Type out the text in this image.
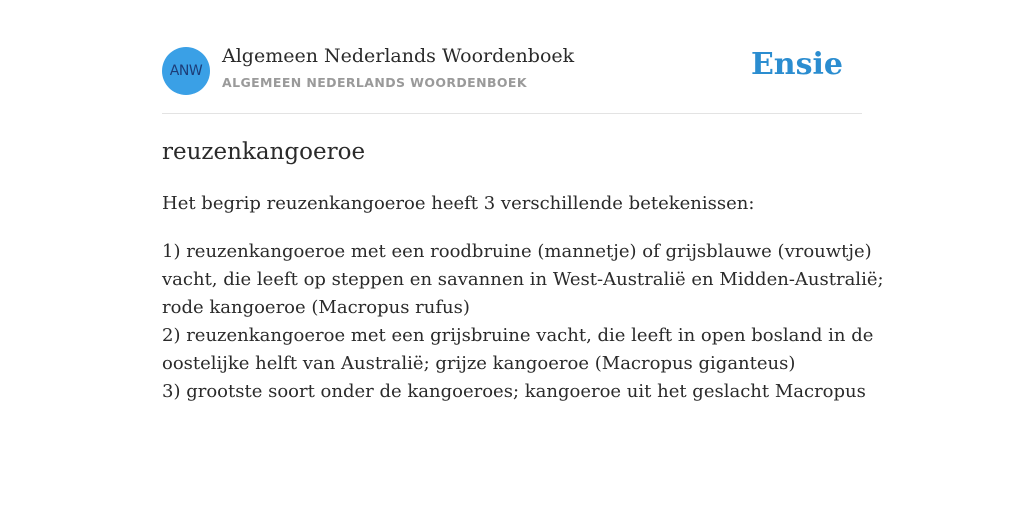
ANW
Algemeen Nederlands Woordenboek
ALGEMEEN NEDERLANDS WOORDENBOEK
Ensie
reuzenkangoeroe
Het begrip reuzenkangoeroe heeft 3 verschillende betekenissen:
1) reuzenkangoeroe met een roodbruine (mannetje) of grijsblauwe (vrouwtje)
vacht, die leeft op steppen en savannen in West-Australië en Midden-Australië;
rode kangoeroe (Macropus rufus)
2) reuzenkangoeroe met een grijsbruine vacht, die leeft in open bosland in de
oostelijke helft van Australië; grijze kangoeroe (Macropus giganteus)
3) grootste soort onder de kangoeroes; kangoeroe uit het geslacht Macropus
